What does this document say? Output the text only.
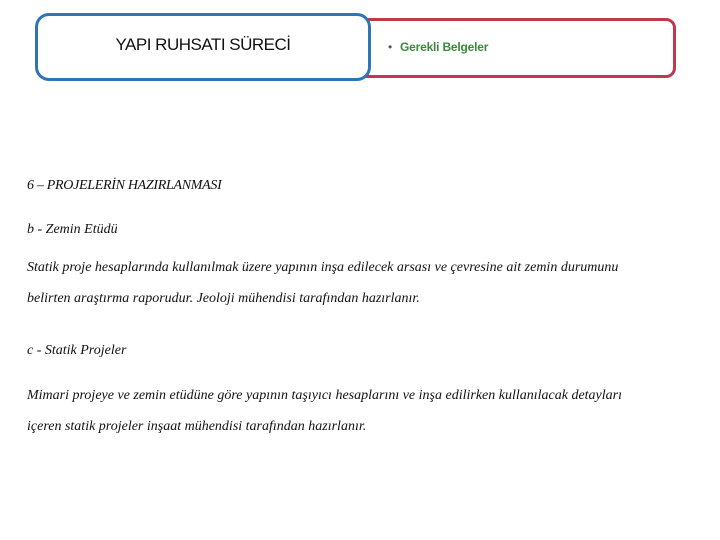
• Gerekli Belgeler
YAPI RUHSATI SÜRECİ
6 – PROJELERİN HAZIRLANMASI
b - Zemin Etüdü
Statik proje hesaplarında kullanılmak üzere yapının inşa edilecek arsası ve çevresine ait zemin durumunu
belirten araştırma raporudur. Jeoloji mühendisi tarafından hazırlanır.
c - Statik Projeler
Mimari projeye ve zemin etüdüne göre yapının taşıyıcı hesaplarını ve inşa edilirken kullanılacak detayları
içeren statik projeler inşaat mühendisi tarafından hazırlanır.
